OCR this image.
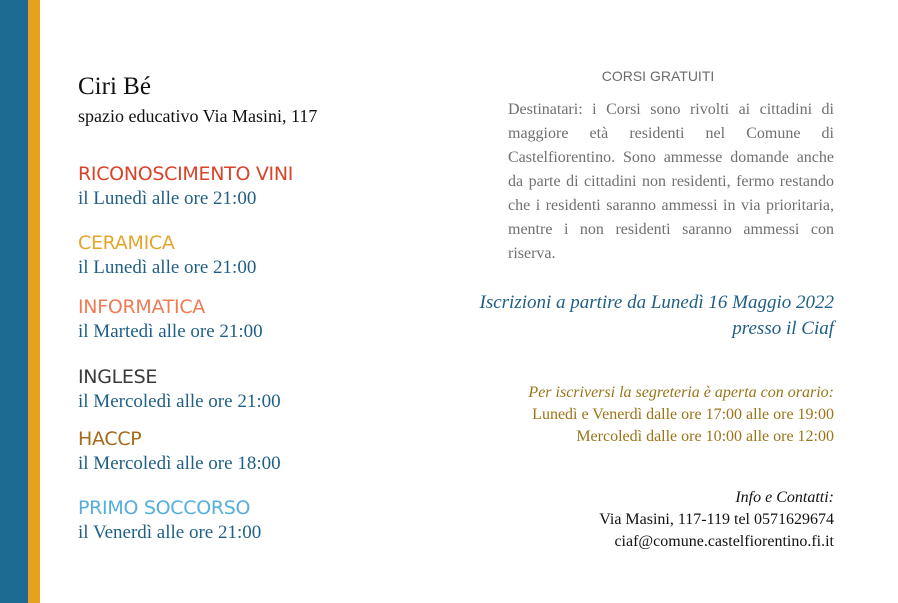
Ciri Bé
spazio educativo Via Masini, 117
RICONOSCIMENTO VINI
il Lunedì alle ore 21:00
CERAMICA
il Lunedì alle ore 21:00
INFORMATICA
il Martedì alle ore 21:00
INGLESE
il Mercoledì alle ore 21:00
HACCP
il Mercoledì alle ore 18:00
PRIMO SOCCORSO
il Venerdì alle ore 21:00
CORSI GRATUITI
Destinatari: i Corsi sono rivolti ai cittadini di maggiore età residenti nel Comune di Castelfiorentino. Sono ammesse domande anche da parte di cittadini non residenti, fermo restando che i residenti saranno ammessi in via prioritaria, mentre i non residenti saranno ammessi con riserva.
Iscrizioni a partire da Lunedì 16 Maggio 2022
presso il Ciaf
Per iscriversi la segreteria è aperta con orario:
Lunedì e Venerdì dalle ore 17:00 alle ore 19:00
Mercoledì dalle ore 10:00 alle ore 12:00
Info e Contatti:
Via Masini, 117-119 tel 0571629674
ciaf@comune.castelfiorentino.fi.it
